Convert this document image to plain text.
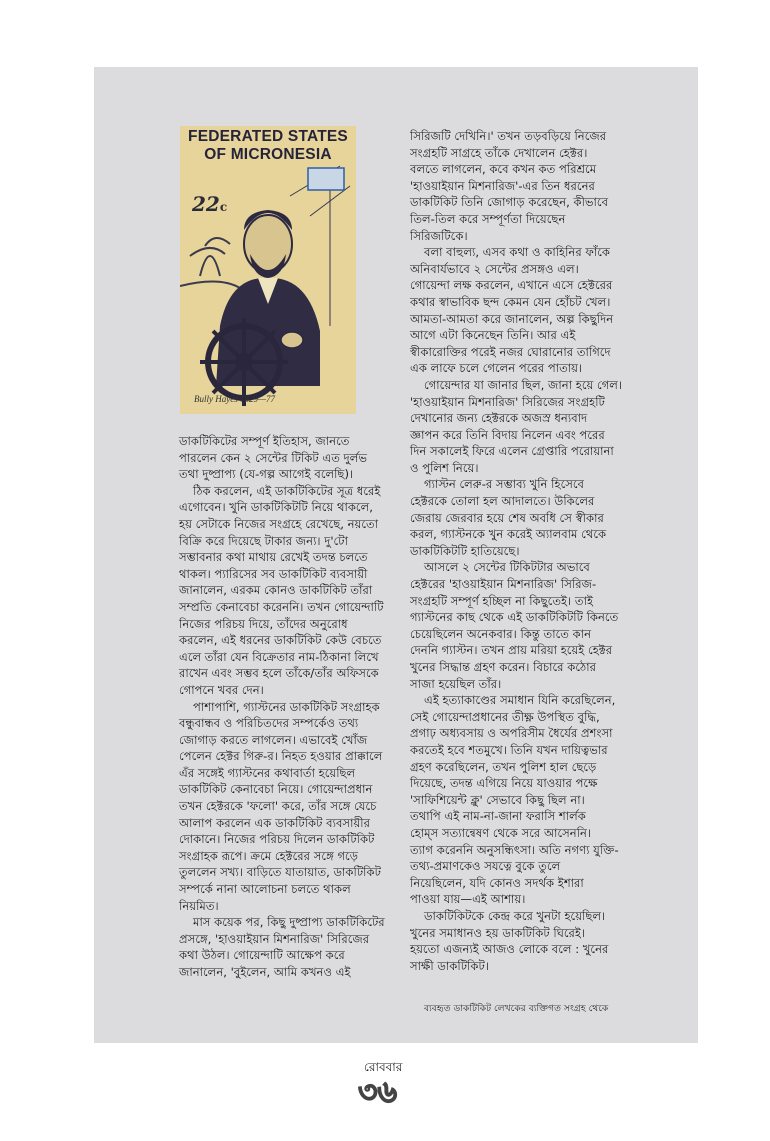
FEDERATED STATES OF MICRONESIA
22c
Bully Hayes 1829—77

ডাকটিকিটের সম্পূর্ণ ইতিহাস, জানতে
পারলেন কেন ২ সেন্টের টিকিট এত দুর্লভ
তথা দুষ্প্রাপ্য (যে-গল্প আগেই বলেছি)।

ঠিক করলেন, এই ডাকটিকিটের সূত্র ধরেই
এগোবেন। খুনি ডাকটিকিটটি নিয়ে থাকলে,
হয় সেটাকে নিজের সংগ্রহে রেখেছে, নয়তো
বিক্রি করে দিয়েছে টাকার জন্য। দু'টো
সম্ভাবনার কথা মাথায় রেখেই তদন্ত চলতে
থাকল। প্যারিসের সব ডাকটিকিট ব্যবসায়ী
জানালেন, এরকম কোনও ডাকটিকিট তাঁরা
সম্প্রতি কেনাবেচা করেননি। তখন গোয়েন্দাটি
নিজের পরিচয় দিয়ে, তাঁদের অনুরোধ
করলেন, এই ধরনের ডাকটিকিট কেউ বেচতে
এলে তাঁরা যেন বিক্রেতার নাম-ঠিকানা লিখে
রাখেন এবং সম্ভব হলে তাঁকে/তাঁর অফিসকে
গোপনে খবর দেন।

পাশাপাশি, গ্যাস্টনের ডাকটিকিট সংগ্রাহক
বন্ধুবান্ধব ও পরিচিতদের সম্পর্কেও তথ্য
জোগাড় করতে লাগলেন। এভাবেই খোঁজ
পেলেন হেক্টর গিরু-র। নিহত হওয়ার প্রাক্কালে
এঁর সঙ্গেই গ্যাস্টনের কথাবার্তা হয়েছিল
ডাকটিকিট কেনাবেচা নিয়ে। গোয়েন্দাপ্রধান
তখন হেক্টরকে 'ফলো' করে, তাঁর সঙ্গে যেচে
আলাপ করলেন এক ডাকটিকিট ব্যবসায়ীর
দোকানে। নিজের পরিচয় দিলেন ডাকটিকিট
সংগ্রাহক রূপে। ক্রমে হেক্টরের সঙ্গে গড়ে
তুললেন সখ্য। বাড়িতে যাতায়াত, ডাকটিকিট
সম্পর্কে নানা আলোচনা চলতে থাকল
নিয়মিত।

মাস কয়েক পর, কিছু দুষ্প্রাপ্য ডাকটিকিটের
প্রসঙ্গে, 'হাওয়াইয়ান মিশনারিজ' সিরিজের
কথা উঠল। গোয়েন্দাটি আক্ষেপ করে
জানালেন, 'বুইলেন, আমি কখনও এই

সিরিজটি দেখিনি।' তখন তড়বড়িয়ে নিজের
সংগ্রহটি সাগ্রহে তাঁকে দেখালেন হেক্টর।
বলতে লাগলেন, কবে কখন কত পরিশ্রমে
'হাওয়াইয়ান মিশনারিজ'-এর তিন ধরনের
ডাকটিকিট তিনি জোগাড় করেছেন, কীভাবে
তিল-তিল করে সম্পূর্ণতা দিয়েছেন
সিরিজটিকে।

বলা বাহুল্য, এসব কথা ও কাহিনির ফাঁকে
অনিবার্যভাবে ২ সেন্টের প্রসঙ্গও এল।
গোয়েন্দা লক্ষ করলেন, এখানে এসে হেক্টরের
কথার স্বাভাবিক ছন্দ কেমন যেন হোঁচট খেল।
আমতা-আমতা করে জানালেন, অল্প কিছুদিন
আগে এটা কিনেছেন তিনি। আর এই
স্বীকারোক্তির পরেই নজর ঘোরানোর তাগিদে
এক লাফে চলে গেলেন পরের পাতায়।

গোয়েন্দার যা জানার ছিল, জানা হয়ে গেল।
'হাওয়াইয়ান মিশনারিজ' সিরিজের সংগ্রহটি
দেখানোর জন্য হেক্টরকে অজস্র ধন্যবাদ
জ্ঞাপন করে তিনি বিদায় নিলেন এবং পরের
দিন সকালেই ফিরে এলেন গ্রেপ্তারি পরোয়ানা
ও পুলিশ নিয়ে।

গ্যাস্টন লেরু-র সম্ভাব্য খুনি হিসেবে
হেক্টরকে তোলা হল আদালতে। উকিলের
জেরায় জেরবার হয়ে শেষ অবধি সে স্বীকার
করল, গ্যাস্টনকে খুন করেই অ্যালবাম থেকে
ডাকটিকিটটি হাতিয়েছে।

আসলে ২ সেন্টের টিকিটটার অভাবে
হেক্টরের 'হাওয়াইয়ান মিশনারিজ' সিরিজ-
সংগ্রহটি সম্পূর্ণ হচ্ছিল না কিছুতেই। তাই
গ্যাস্টনের কাছ থেকে এই ডাকটিকিটটি কিনতে
চেয়েছিলেন অনেকবার। কিন্তু তাতে কান
দেননি গ্যাস্টন। তখন প্রায় মরিয়া হয়েই হেক্টর
খুনের সিদ্ধান্ত গ্রহণ করেন। বিচারে কঠোর
সাজা হয়েছিল তাঁর।

এই হত্যাকাণ্ডের সমাধান যিনি করেছিলেন,
সেই গোয়েন্দাপ্রধানের তীক্ষ্ণ উপস্থিত বুদ্ধি,
প্রগাঢ় অধ্যবসায় ও অপরিসীম ধৈর্যের প্রশংসা
করতেই হবে শতমুখে। তিনি যখন দায়িত্বভার
গ্রহণ করেছিলেন, তখন পুলিশ হাল ছেড়ে
দিয়েছে, তদন্ত এগিয়ে নিয়ে যাওয়ার পক্ষে
'সাফিশিয়েন্ট ক্লু' সেভাবে কিছু ছিল না।
তথাপি এই নাম-না-জানা ফরাসি শার্লক
হোম্‌স সত্যান্বেষণ থেকে সরে আসেননি।
ত্যাগ করেননি অনুসন্ধিৎসা। অতি নগণ্য যুক্তি-
তথ্য-প্রমাণকেও সযত্নে বুকে তুলে
নিয়েছিলেন, যদি কোনও সদর্থক ইশারা
পাওয়া যায়—এই আশায়।

ডাকটিকিটকে কেন্দ্র করে খুনটা হয়েছিল।
খুনের সমাধানও হয় ডাকটিকিট ঘিরেই।
হয়তো এজন্যই আজও লোকে বলে : খুনের
সাক্ষী ডাকটিকিট।

ব্যবহৃত ডাকটিকিট লেখকের ব্যক্তিগত সংগ্রহ থেকে
রোববার
৩৬
